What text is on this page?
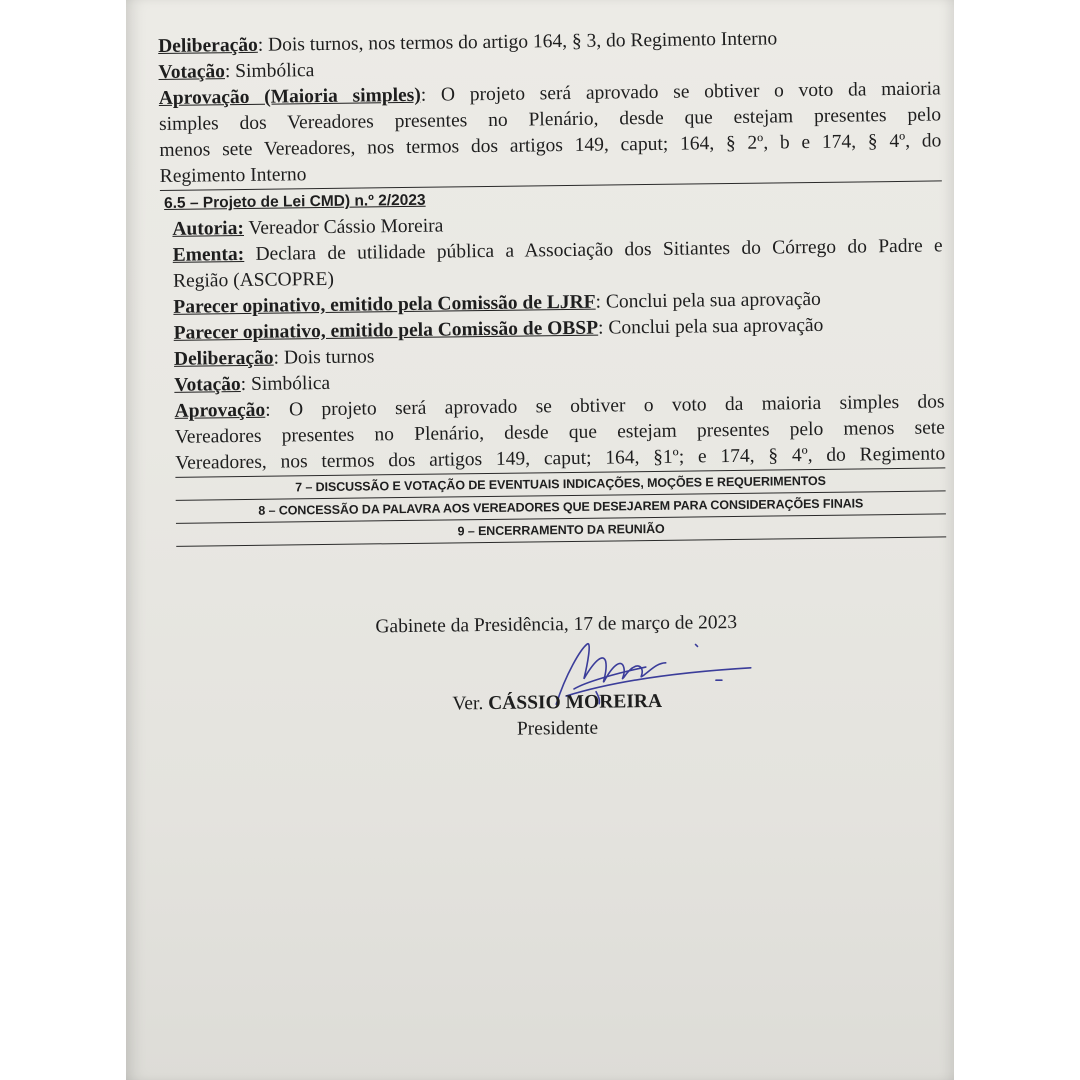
Deliberação: Dois turnos, nos termos do artigo 164, § 3, do Regimento Interno
Votação: Simbólica
Aprovação (Maioria simples): O projeto será aprovado se obtiver o voto da maioria
simples dos Vereadores presentes no Plenário, desde que estejam presentes pelo
menos sete Vereadores, nos termos dos artigos 149, caput; 164, § 2º, b e 174, § 4º, do
Regimento Interno
6.5 – Projeto de Lei CMD) n.º 2/2023
Autoria: Vereador Cássio Moreira
Ementa: Declara de utilidade pública a Associação dos Sitiantes do Córrego do Padre e
Região (ASCOPRE)
Parecer opinativo, emitido pela Comissão de LJRF: Conclui pela sua aprovação
Parecer opinativo, emitido pela Comissão de OBSP: Conclui pela sua aprovação
Deliberação: Dois turnos
Votação: Simbólica
Aprovação: O projeto será aprovado se obtiver o voto da maioria simples dos
Vereadores presentes no Plenário, desde que estejam presentes pelo menos sete
Vereadores, nos termos dos artigos 149, caput; 164, §1º; e 174, § 4º, do Regimento
7 – DISCUSSÃO E VOTAÇÃO DE EVENTUAIS INDICAÇÕES, MOÇÕES E REQUERIMENTOS
8 – CONCESSÃO DA PALAVRA AOS VEREADORES QUE DESEJAREM PARA CONSIDERAÇÕES FINAIS
9 – ENCERRAMENTO DA REUNIÃO
Gabinete da Presidência, 17 de março de 2023
Ver. CÁSSIO MOREIRA
Presidente
